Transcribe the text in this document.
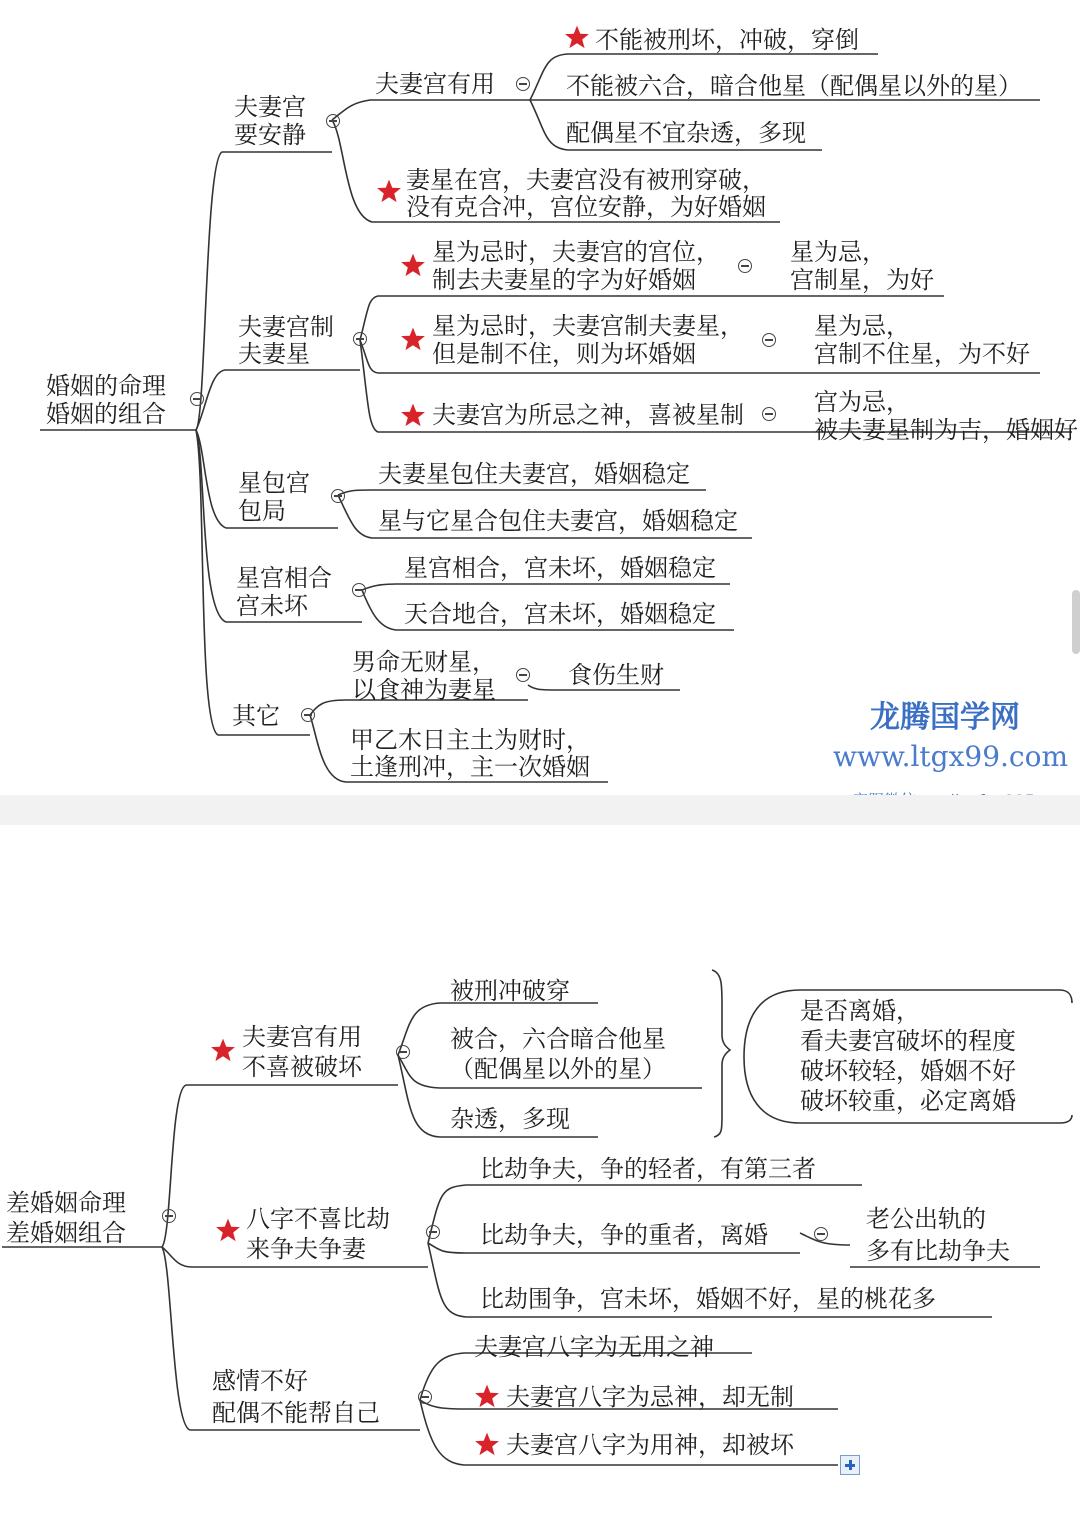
婚姻的命理
婚姻的组合
夫妻宫
要安静
夫妻宫有用
不能被刑坏，冲破，穿倒
不能被六合，暗合他星（配偶星以外的星）
配偶星不宜杂透，多现
妻星在宫，夫妻宫没有被刑穿破，
没有克合冲，宫位安静，为好婚姻
夫妻宫制
夫妻星
星为忌时，夫妻宫的宫位，
制去夫妻星的字为好婚姻
星为忌，
宫制星，为好
星为忌时，夫妻宫制夫妻星，
但是制不住，则为坏婚姻
星为忌，
宫制不住星，为不好
夫妻宫为所忌之神，喜被星制	宫为忌，
被夫妻星制为吉，婚姻好
星包宫
包局
夫妻星包住夫妻宫，婚姻稳定
星与它星合包住夫妻宫，婚姻稳定
星宫相合
宫未坏
星宫相合，宫未坏，婚姻稳定
天合地合，宫未坏，婚姻稳定
其它
男命无财星，
以食神为妻星
食伤生财
甲乙木日主土为财时，
土逢刑冲，主一次婚姻
龙腾国学网
www.ltgx99.com
差婚姻命理
差婚姻组合
夫妻宫有用
不喜被破坏
被刑冲破穿
被合，六合暗合他星
（配偶星以外的星）
杂透，多现
是否离婚，
看夫妻宫破坏的程度
破坏较轻，婚姻不好
破坏较重，必定离婚
八字不喜比劫
来争夫争妻
比劫争夫，争的轻者，有第三者
比劫争夫，争的重者，离婚
老公出轨的
多有比劫争夫
比劫围争，宫未坏，婚姻不好，星的桃花多
感情不好
配偶不能帮自己
夫妻宫八字为无用之神
夫妻宫八字为忌神，却无制
夫妻宫八字为用神，却被坏
